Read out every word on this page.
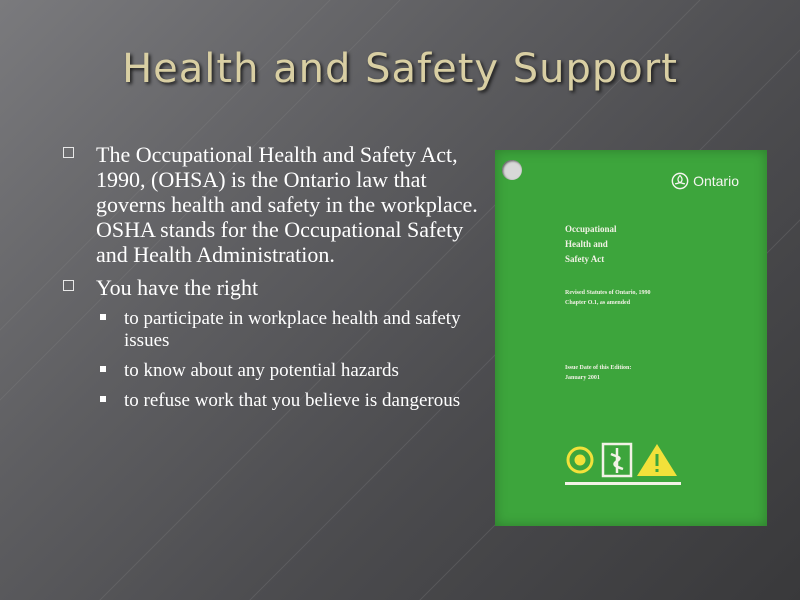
Health and Safety Support
The Occupational Health and Safety Act, 1990, (OHSA) is the Ontario law that governs health and safety in the workplace. OSHA stands for the Occupational Safety and Health Administration.
You have the right
to participate in workplace health and safety issues
to know about any potential hazards
to refuse work that you believe is dangerous
Ontario
Occupational
Health and
Safety Act
Revised Statutes of Ontario, 1990
Chapter O.1, as amended
Issue Date of this Edition:
January 2001
